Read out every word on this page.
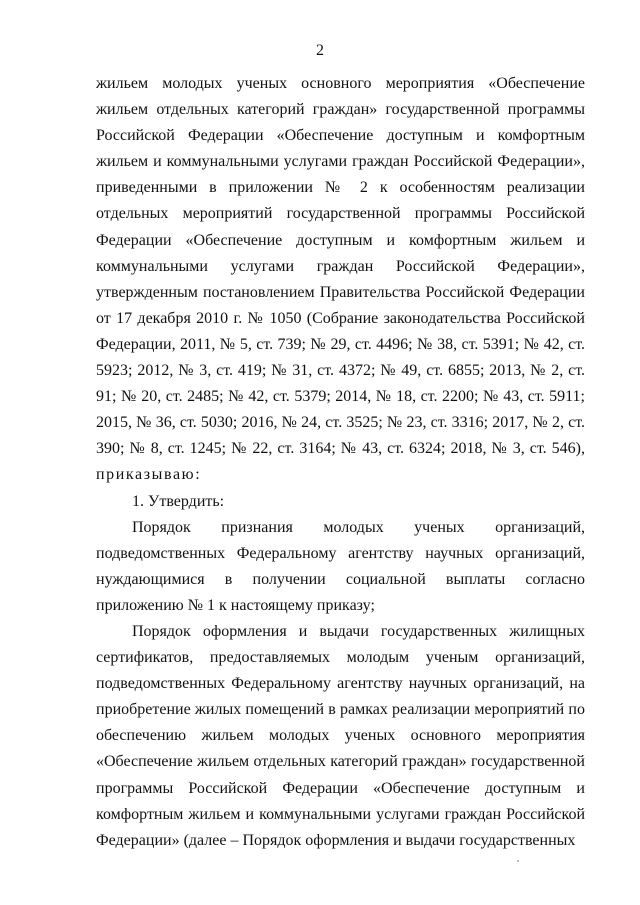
2

жильем молодых ученых основного мероприятия «Обеспечение жильем отдельных категорий граждан» государственной программы Российской Федерации «Обеспечение доступным и комфортным жильем и коммунальными услугами граждан Российской Федерации», приведенными в приложении № 2 к особенностям реализации отдельных мероприятий государственной программы Российской Федерации «Обеспечение доступным и комфортным жильем и коммунальными услугами граждан Российской Федерации», утвержденным постановлением Правительства Российской Федерации от 17 декабря 2010 г. № 1050 (Собрание законодательства Российской Федерации, 2011, № 5, ст. 739; № 29, ст. 4496; № 38, ст. 5391; № 42, ст. 5923; 2012, № 3, ст. 419; № 31, ст. 4372; № 49, ст. 6855; 2013, № 2, ст. 91; № 20, ст. 2485; № 42, ст. 5379; 2014, № 18, ст. 2200; № 43, ст. 5911; 2015, № 36, ст. 5030; 2016, № 24, ст. 3525; № 23, ст. 3316; 2017, № 2, ст. 390; № 8, ст. 1245; № 22, ст. 3164; № 43, ст. 6324; 2018, № 3, ст. 546), приказываю:

1. Утвердить:

Порядок признания молодых ученых организаций, подведомственных Федеральному агентству научных организаций, нуждающимися в получении социальной выплаты согласно приложению № 1 к настоящему приказу;

Порядок оформления и выдачи государственных жилищных сертификатов, предоставляемых молодым ученым организаций, подведомственных Федеральному агентству научных организаций, на приобретение жилых помещений в рамках реализации мероприятий по обеспечению жильем молодых ученых основного мероприятия «Обеспечение жильем отдельных категорий граждан» государственной программы Российской Федерации «Обеспечение доступным и комфортным жильем и коммунальными услугами граждан Российской Федерации» (далее – Порядок оформления и выдачи государственных
